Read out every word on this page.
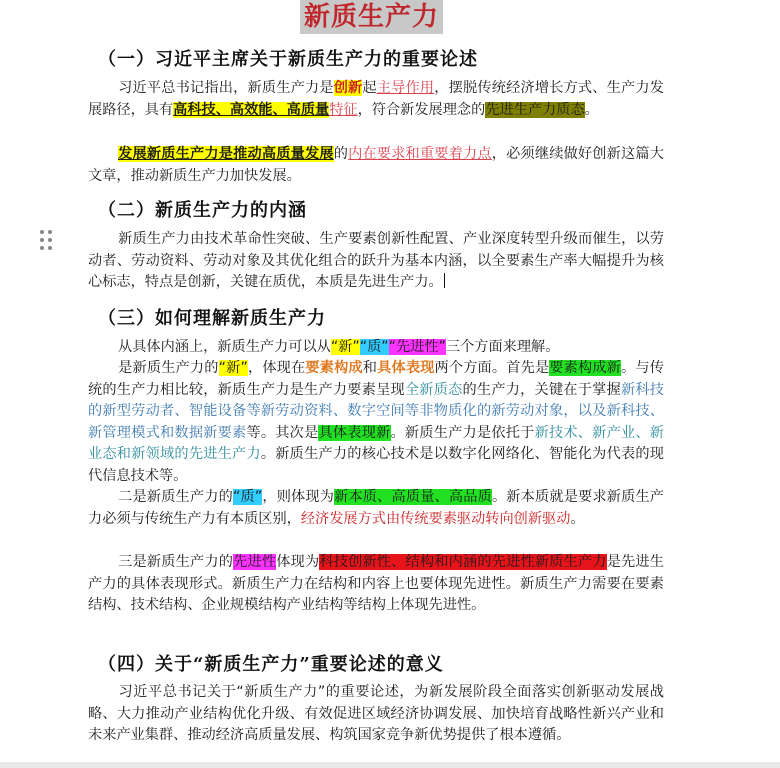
新质生产力
（一）习近平主席关于新质生产力的重要论述
习近平总书记指出，新质生产力是创新起主导作用，摆脱传统经济增长方式、生产力发展路径，具有高科技、高效能、高质量特征，符合新发展理念的先进生产力质态。
发展新质生产力是推动高质量发展的内在要求和重要着力点，必须继续做好创新这篇大文章，推动新质生产力加快发展。
（二）新质生产力的内涵
新质生产力由技术革命性突破、生产要素创新性配置、产业深度转型升级而催生，以劳动者、劳动资料、劳动对象及其优化组合的跃升为基本内涵，以全要素生产率大幅提升为核心标志，特点是创新，关键在质优，本质是先进生产力。
（三）如何理解新质生产力
从具体内涵上，新质生产力可以从“新”“质”“先进性”三个方面来理解。
是新质生产力的“新”，体现在要素构成和具体表现两个方面。首先是要素构成新。与传统的生产力相比较，新质生产力是生产力要素呈现全新质态的生产力，关键在于掌握新科技的新型劳动者、智能设备等新劳动资料、数字空间等非物质化的新劳动对象，以及新科技、新管理模式和数据新要素等。其次是具体表现新。新质生产力是依托于新技术、新产业、新业态和新领域的先进生产力。新质生产力的核心技术是以数字化网络化、智能化为代表的现代信息技术等。
二是新质生产力的“质”，则体现为新本质、高质量、高品质。新本质就是要求新质生产力必须与传统生产力有本质区别，经济发展方式由传统要素驱动转向创新驱动。
三是新质生产力的先进性体现为科技创新性、结构和内涵的先进性新质生产力是先进生产力的具体表现形式。新质生产力在结构和内容上也要体现先进性。新质生产力需要在要素结构、技术结构、企业规模结构产业结构等结构上体现先进性。
（四）关于“新质生产力”重要论述的意义
习近平总书记关于“新质生产力”的重要论述，为新发展阶段全面落实创新驱动发展战略、大力推动产业结构优化升级、有效促进区域经济协调发展、加快培育战略性新兴产业和未来产业集群、推动经济高质量发展、构筑国家竞争新优势提供了根本遵循。
